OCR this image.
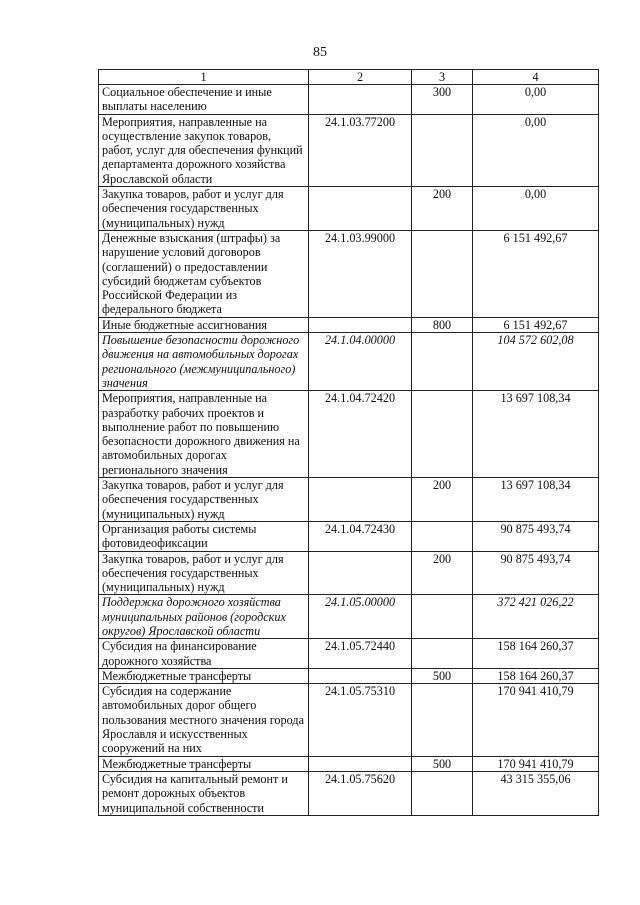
85
1	2	3	4
Социальное обеспечение и иные выплаты населению		300	0,00
Мероприятия, направленные на осуществление закупок товаров, работ, услуг для обеспечения функций департамента дорожного хозяйства Ярославской области	24.1.03.77200		0,00
Закупка товаров, работ и услуг для обеспечения государственных (муниципальных) нужд		200	0,00
Денежные взыскания (штрафы) за нарушение условий договоров (соглашений) о предоставлении субсидий бюджетам субъектов Российской Федерации из федерального бюджета	24.1.03.99000		6 151 492,67
Иные бюджетные ассигнования		800	6 151 492,67
Повышение безопасности дорожного движения на автомобильных дорогах регионального (межмуниципального) значения	24.1.04.00000		104 572 602,08
Мероприятия, направленные на разработку рабочих проектов и выполнение работ по повышению безопасности дорожного движения на автомобильных дорогах регионального значения	24.1.04.72420		13 697 108,34
Закупка товаров, работ и услуг для обеспечения государственных (муниципальных) нужд		200	13 697 108,34
Организация работы системы фотовидеофиксации	24.1.04.72430		90 875 493,74
Закупка товаров, работ и услуг для обеспечения государственных (муниципальных) нужд		200	90 875 493,74
Поддержка дорожного хозяйства муниципальных районов (городских округов) Ярославской области	24.1.05.00000		372 421 026,22
Субсидия на финансирование дорожного хозяйства	24.1.05.72440		158 164 260,37
Межбюджетные трансферты		500	158 164 260,37
Субсидия на содержание автомобильных дорог общего пользования местного значения города Ярославля и искусственных сооружений на них	24.1.05.75310		170 941 410,79
Межбюджетные трансферты		500	170 941 410,79
Субсидия на капитальный ремонт и ремонт дорожных объектов муниципальной собственности	24.1.05.75620		43 315 355,06
